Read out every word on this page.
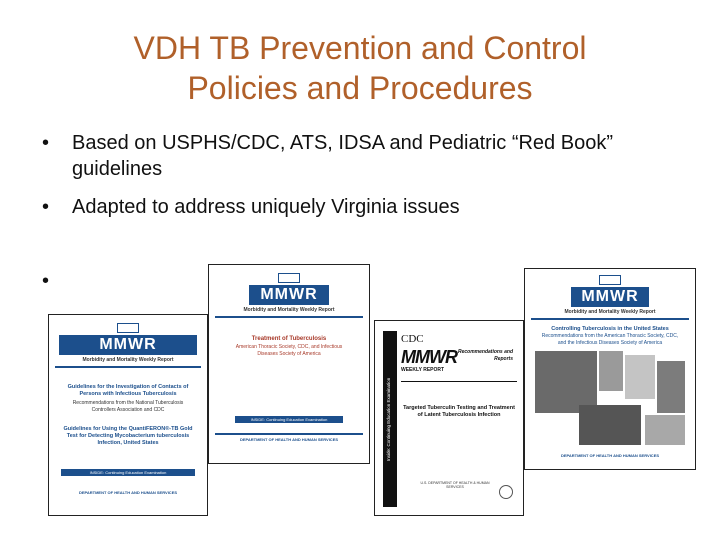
VDH TB Prevention and Control
Policies and Procedures
• Based on USPHS/CDC, ATS, IDSA and Pediatric “Red Book” guidelines
• Adapted to address uniquely Virginia issues
•
MMWR
Morbidity and Mortality Weekly Report
Guidelines for the Investigation of Contacts of Persons with Infectious Tuberculosis
Recommendations from the National Tuberculosis Controllers Association and CDC
Guidelines for Using the QuantiFERON®-TB Gold Test for Detecting Mycobacterium tuberculosis Infection, United States
INSIDE: Continuing Education Examination
DEPARTMENT OF HEALTH AND HUMAN SERVICES
MMWR
Morbidity and Mortality Weekly Report
Treatment of Tuberculosis
American Thoracic Society, CDC, and Infectious Diseases Society of America
INSIDE: Continuing Education Examination
DEPARTMENT OF HEALTH AND HUMAN SERVICES	Inside: Continuing Education Examination
CDC
MMWR
WEEKLY REPORT
Recommendations and Reports
Targeted Tuberculin Testing and Treatment of Latent Tuberculosis Infection
U.S. DEPARTMENT OF HEALTH & HUMAN SERVICES
MMWR
Morbidity and Mortality Weekly Report
Controlling Tuberculosis in the United States
Recommendations from the American Thoracic Society, CDC, and the Infectious Diseases Society of America
DEPARTMENT OF HEALTH AND HUMAN SERVICES
